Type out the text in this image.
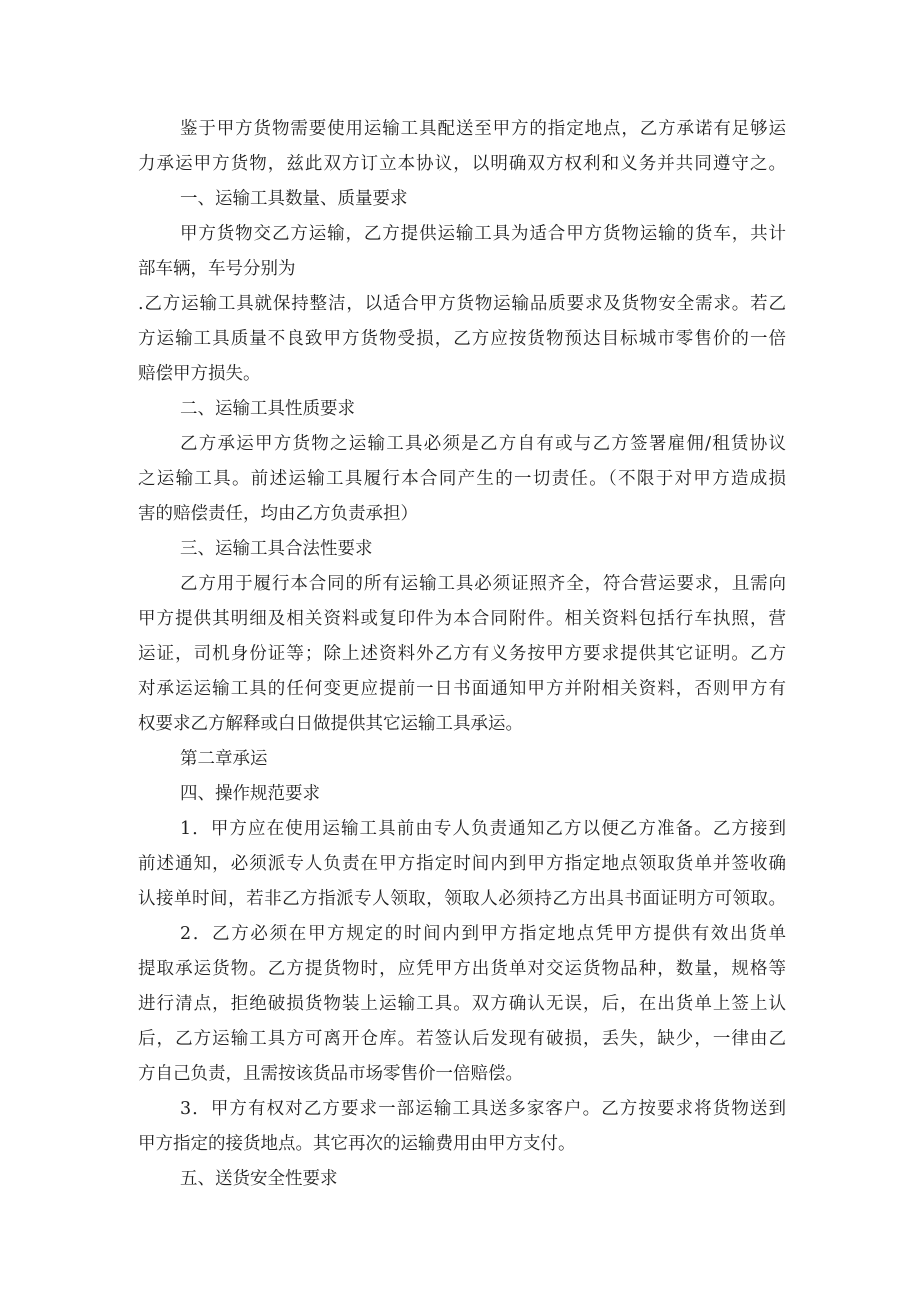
鉴于甲方货物需要使用运输工具配送至甲方的指定地点，乙方承诺有足够运
力承运甲方货物，兹此双方订立本协议，以明确双方权利和义务并共同遵守之。
一、运输工具数量、质量要求
甲方货物交乙方运输，乙方提供运输工具为适合甲方货物运输的货车，共计
部车辆，车号分别为
.乙方运输工具就保持整洁，以适合甲方货物运输品质要求及货物安全需求。若乙
方运输工具质量不良致甲方货物受损，乙方应按货物预达目标城市零售价的一倍
赔偿甲方损失。
二、运输工具性质要求
乙方承运甲方货物之运输工具必须是乙方自有或与乙方签署雇佣/租赁协议
之运输工具。前述运输工具履行本合同产生的一切责任。（不限于对甲方造成损
害的赔偿责任，均由乙方负责承担）
三、运输工具合法性要求
乙方用于履行本合同的所有运输工具必须证照齐全，符合营运要求，且需向
甲方提供其明细及相关资料或复印件为本合同附件。相关资料包括行车执照，营
运证，司机身份证等；除上述资料外乙方有义务按甲方要求提供其它证明。乙方
对承运运输工具的任何变更应提前一日书面通知甲方并附相关资料，否则甲方有
权要求乙方解释或白日做提供其它运输工具承运。
第二章承运
四、操作规范要求
1．甲方应在使用运输工具前由专人负责通知乙方以便乙方准备。乙方接到
前述通知，必须派专人负责在甲方指定时间内到甲方指定地点领取货单并签收确
认接单时间，若非乙方指派专人领取，领取人必须持乙方出具书面证明方可领取。
2．乙方必须在甲方规定的时间内到甲方指定地点凭甲方提供有效出货单
提取承运货物。乙方提货物时，应凭甲方出货单对交运货物品种，数量，规格等
进行清点，拒绝破损货物装上运输工具。双方确认无误，后，在出货单上签上认
后，乙方运输工具方可离开仓库。若签认后发现有破损，丢失，缺少，一律由乙
方自己负责，且需按该货品市场零售价一倍赔偿。
3．甲方有权对乙方要求一部运输工具送多家客户。乙方按要求将货物送到
甲方指定的接货地点。其它再次的运输费用由甲方支付。
五、送货安全性要求
